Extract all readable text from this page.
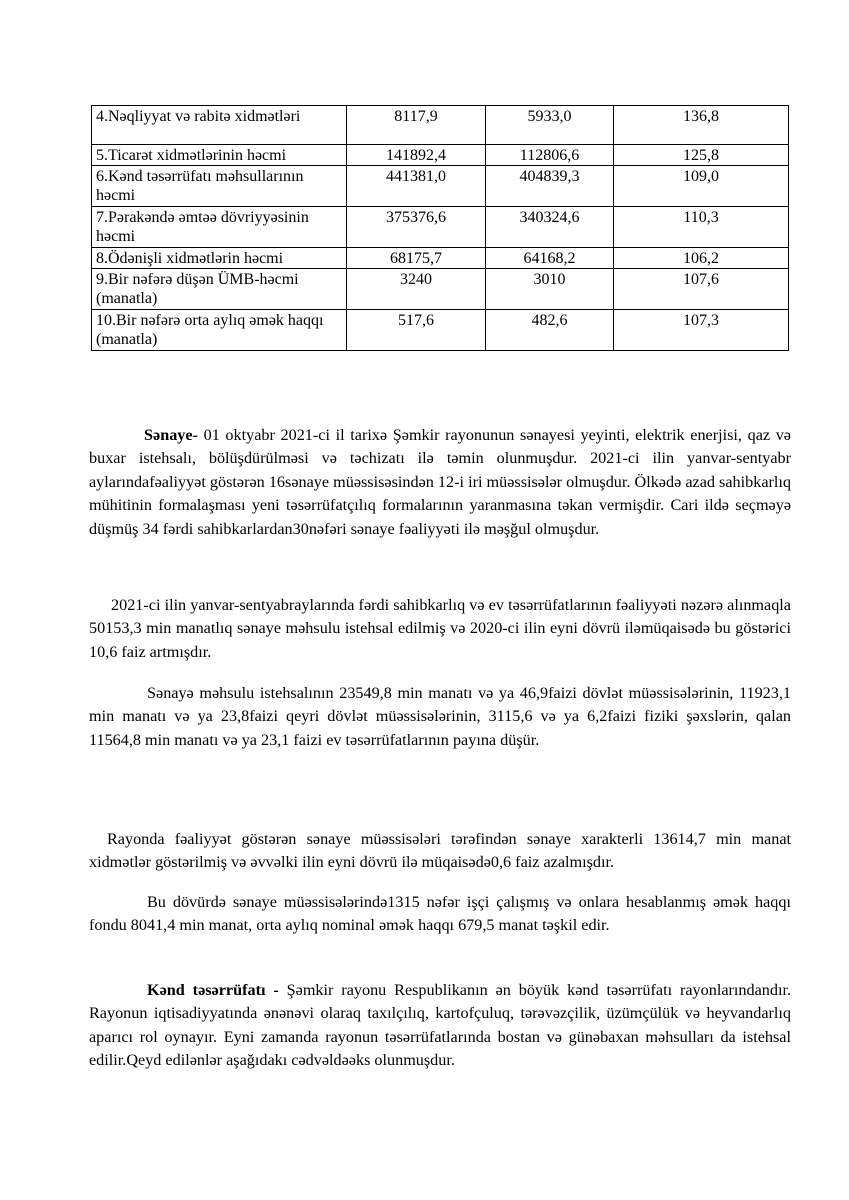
4.Nəqliyyat və rabitə xidmətləri	8117,9	5933,0	136,8
5.Ticarət xidmətlərinin həcmi	141892,4	112806,6	125,8
6.Kənd təsərrüfatı məhsullarının həcmi	441381,0	404839,3	109,0
7.Pərakəndə əmtəə dövriyyəsinin həcmi	375376,6	340324,6	110,3
8.Ödənişli xidmətlərin həcmi	68175,7	64168,2	106,2
9.Bir nəfərə düşən ÜMB-həcmi (manatla)	3240	3010	107,6
10.Bir nəfərə orta aylıq əmək haqqı (manatla)	517,6	482,6	107,3

Sənaye- 01 oktyabr 2021-ci il tarixə Şəmkir rayonunun sənayesi yeyinti, elektrik enerjisi, qaz və buxar istehsalı, bölüşdürülməsi və təchizatı ilə təmin olunmuşdur. 2021-ci ilin yanvar-sentyabr aylarındafəaliyyət göstərən 16sənaye müəssisəsindən 12-i iri müəssisələr olmuşdur. Ölkədə azad sahibkarlıq mühitinin formalaşması yeni təsərrüfatçılıq formalarının yaranmasına təkan vermişdir. Cari ildə seçməyə düşmüş 34 fərdi sahibkarlardan30nəfəri sənaye fəaliyyəti ilə məşğul olmuşdur.

2021-ci ilin yanvar-sentyabraylarında fərdi sahibkarlıq və ev təsərrüfatlarının fəaliyyəti nəzərə alınmaqla 50153,3 min manatlıq sənaye məhsulu istehsal edilmiş və 2020-ci ilin eyni dövrü iləmüqaisədə bu göstərici 10,6 faiz artmışdır.

Sənayə məhsulu istehsalının 23549,8 min manatı və ya 46,9faizi dövlət müəssisələrinin, 11923,1 min manatı və ya 23,8faizi qeyri dövlət müəssisələrinin, 3115,6 və ya 6,2faizi fiziki şəxslərin, qalan 11564,8 min manatı və ya 23,1 faizi ev təsərrüfatlarının payına düşür.

Rayonda fəaliyyət göstərən sənaye müəssisələri tərəfindən sənaye xarakterli 13614,7 min manat xidmətlər göstərilmiş və əvvəlki ilin eyni dövrü ilə müqaisədə0,6 faiz azalmışdır.

Bu dövürdə sənaye müəssisələrində1315 nəfər işçi çalışmış və onlara hesablanmış əmək haqqı fondu 8041,4 min manat, orta aylıq nominal əmək haqqı 679,5 manat təşkil edir.

Kənd təsərrüfatı - Şəmkir rayonu Respublikanın ən böyük kənd təsərrüfatı rayonlarındandır. Rayonun iqtisadiyyatında ənənəvi olaraq taxılçılıq, kartofçuluq, tərəvəzçilik, üzümçülük və heyvandarlıq aparıcı rol oynayır. Eyni zamanda rayonun təsərrüfatlarında bostan və günəbaxan məhsulları da istehsal edilir.Qeyd edilənlər aşağıdakı cədvəldəəks olunmuşdur.
